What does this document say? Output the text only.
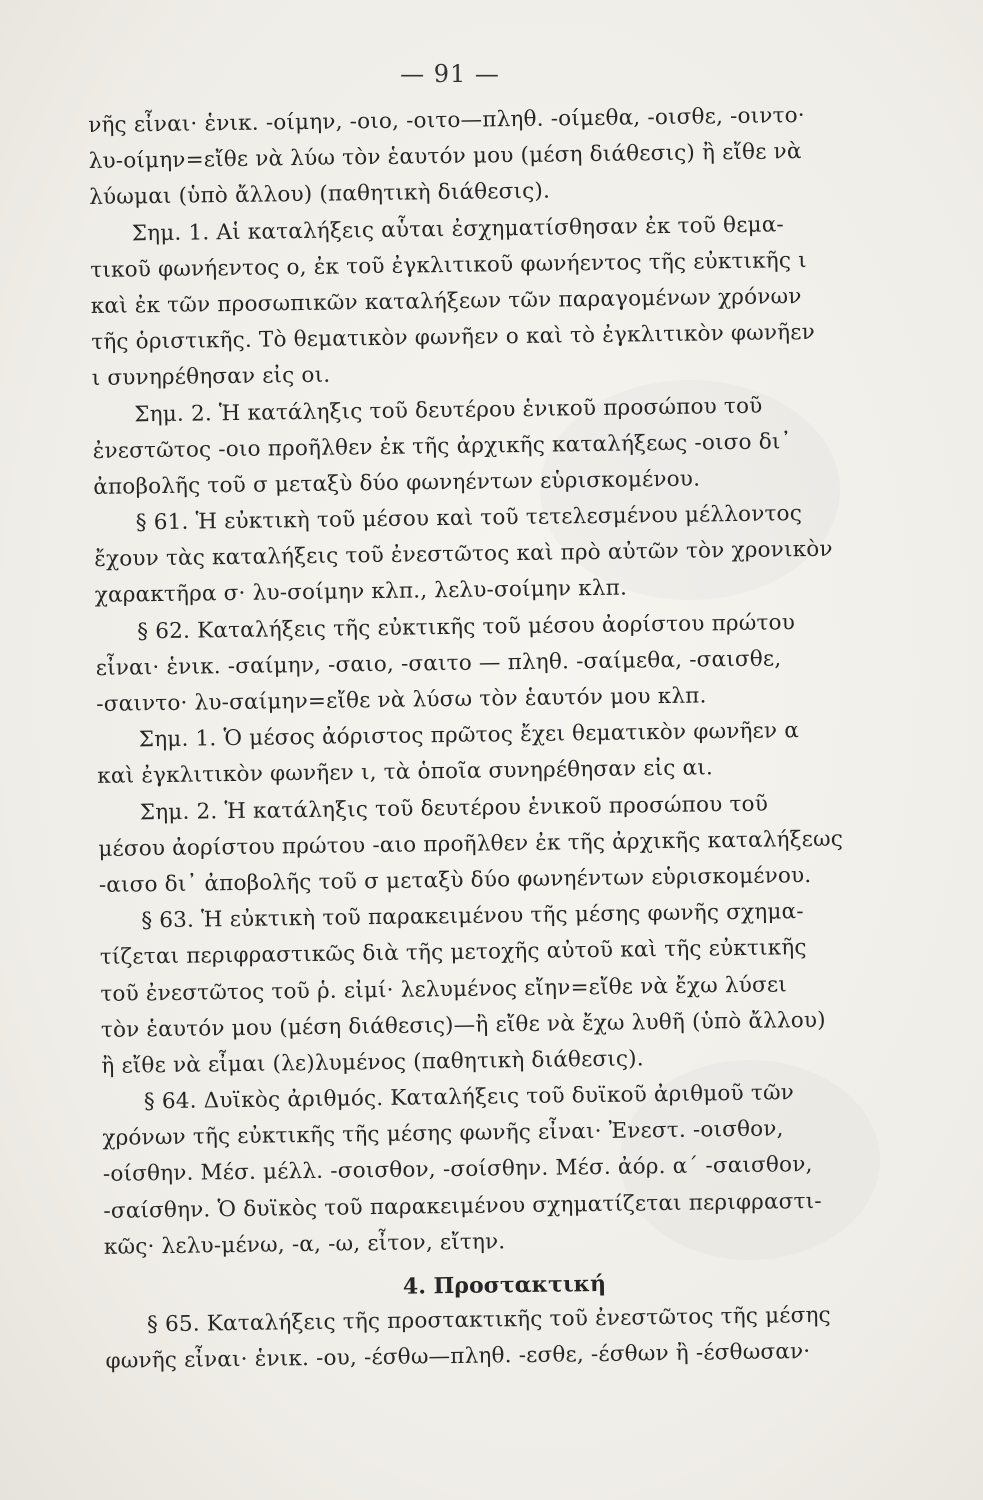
— 91 —
νῆς εἶναι· ἑνικ. -οίμην, -οιο, -οιτο—πληθ. -οίμεθα, -οισθε, -οιντο·
λυ-οίμην=εἴθε νὰ λύω τὸν ἑαυτόν μου (μέση διάθεσις) ἢ εἴθε νὰ
λύωμαι (ὑπὸ ἄλλου) (παθητικὴ διάθεσις).
Σημ. 1. Αἱ καταλήξεις αὗται ἐσχηματίσθησαν ἐκ τοῦ θεμα-
τικοῦ φωνήεντος ο, ἐκ τοῦ ἐγκλιτικοῦ φωνήεντος τῆς εὐκτικῆς ι
καὶ ἐκ τῶν προσωπικῶν καταλήξεων τῶν παραγομένων χρόνων
τῆς ὁριστικῆς. Τὸ θεματικὸν φωνῆεν ο καὶ τὸ ἐγκλιτικὸν φωνῆεν
ι συνηρέθησαν εἰς οι.
Σημ. 2. Ἡ κατάληξις τοῦ δευτέρου ἑνικοῦ προσώπου τοῦ
ἐνεστῶτος -οιο προῆλθεν ἐκ τῆς ἀρχικῆς καταλήξεως -οισο δι᾽
ἀποβολῆς τοῦ σ μεταξὺ δύο φωνηέντων εὑρισκομένου.
§ 61. Ἡ εὐκτικὴ τοῦ μέσου καὶ τοῦ τετελεσμένου μέλλοντος
ἔχουν τὰς καταλήξεις τοῦ ἐνεστῶτος καὶ πρὸ αὐτῶν τὸν χρονικὸν
χαρακτῆρα σ· λυ-σοίμην κλπ., λελυ-σοίμην κλπ.
§ 62. Καταλήξεις τῆς εὐκτικῆς τοῦ μέσου ἀορίστου πρώτου
εἶναι· ἑνικ. -σαίμην, -σαιο, -σαιτο — πληθ. -σαίμεθα, -σαισθε,
-σαιντο· λυ-σαίμην=εἴθε νὰ λύσω τὸν ἑαυτόν μου κλπ.
Σημ. 1. Ὁ μέσος ἀόριστος πρῶτος ἔχει θεματικὸν φωνῆεν α
καὶ ἐγκλιτικὸν φωνῆεν ι, τὰ ὁποῖα συνηρέθησαν εἰς αι.
Σημ. 2. Ἡ κατάληξις τοῦ δευτέρου ἑνικοῦ προσώπου τοῦ
μέσου ἀορίστου πρώτου -αιο προῆλθεν ἐκ τῆς ἀρχικῆς καταλήξεως
-αισο δι᾽ ἀποβολῆς τοῦ σ μεταξὺ δύο φωνηέντων εὑρισκομένου.
§ 63. Ἡ εὐκτικὴ τοῦ παρακειμένου τῆς μέσης φωνῆς σχημα-
τίζεται περιφραστικῶς διὰ τῆς μετοχῆς αὐτοῦ καὶ τῆς εὐκτικῆς
τοῦ ἐνεστῶτος τοῦ ῥ. εἰμί· λελυμένος εἴην=εἴθε νὰ ἔχω λύσει
τὸν ἑαυτόν μου (μέση διάθεσις)—ἢ εἴθε νὰ ἔχω λυθῆ (ὑπὸ ἄλλου)
ἢ εἴθε νὰ εἶμαι (λε)λυμένος (παθητικὴ διάθεσις).
§ 64. Δυϊκὸς ἀριθμός. Καταλήξεις τοῦ δυϊκοῦ ἀριθμοῦ τῶν
χρόνων τῆς εὐκτικῆς τῆς μέσης φωνῆς εἶναι· Ἐνεστ. -οισθον,
-οίσθην. Μέσ. μέλλ. -σοισθον, -σοίσθην. Μέσ. ἀόρ. α´ -σαισθον,
-σαίσθην. Ὁ δυϊκὸς τοῦ παρακειμένου σχηματίζεται περιφραστι-
κῶς· λελυ-μένω, -α, -ω, εἶτον, εἴτην.
4. Προστακτική
§ 65. Καταλήξεις τῆς προστακτικῆς τοῦ ἐνεστῶτος τῆς μέσης
φωνῆς εἶναι· ἑνικ. -ου, -έσθω—πληθ. -εσθε, -έσθων ἢ -έσθωσαν·
